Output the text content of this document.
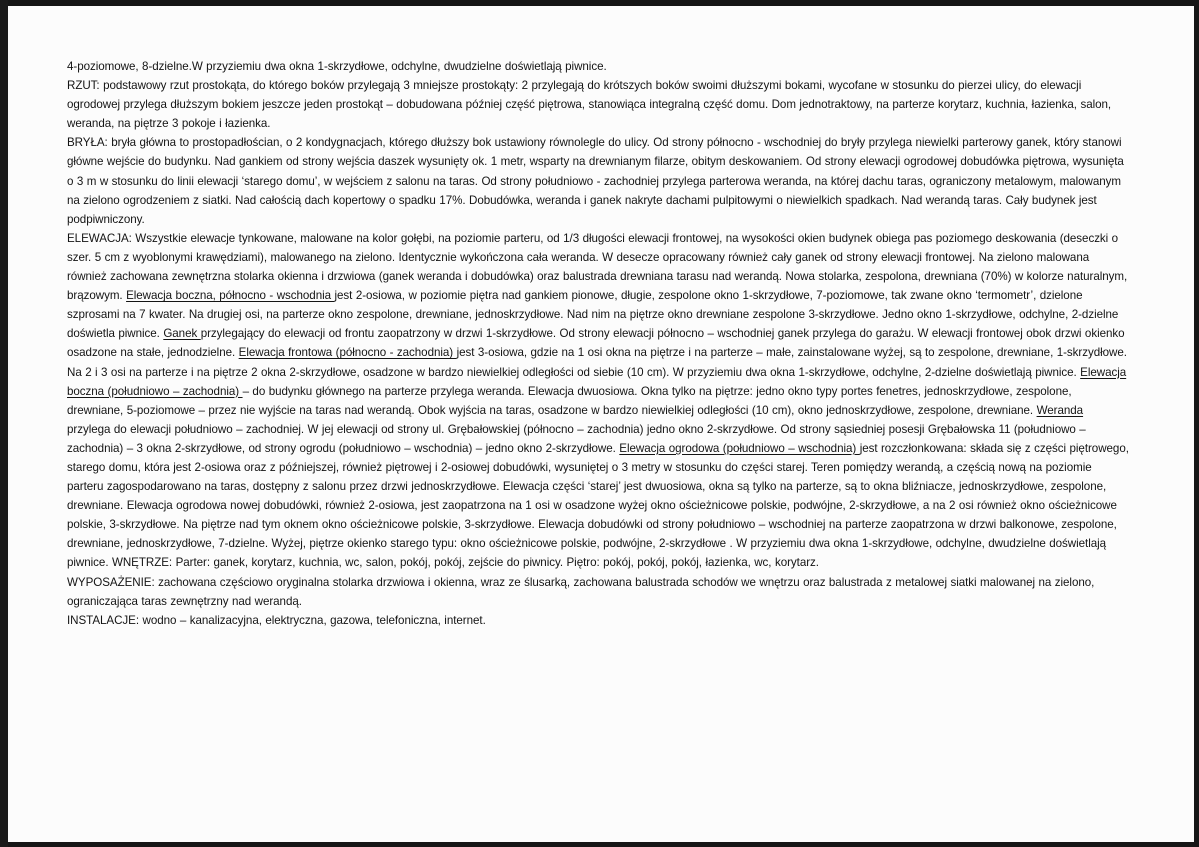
4-poziomowe, 8-dzielne.W przyziemiu dwa okna 1-skrzydłowe, odchylne, dwudzielne doświetlają piwnice.

RZUT: podstawowy rzut prostokąta, do którego boków przylegają 3 mniejsze prostokąty: 2 przylegają do krótszych boków swoimi dłuższymi bokami, wycofane w stosunku do pierzei ulicy, do elewacji ogrodowej przylega dłuższym bokiem jeszcze jeden prostokąt – dobudowana później część piętrowa, stanowiąca integralną część domu. Dom jednotraktowy, na parterze korytarz, kuchnia, łazienka, salon, weranda, na piętrze 3 pokoje i łazienka.

BRYŁA: bryła główna to prostopadłościan, o 2 kondygnacjach, którego dłuższy bok ustawiony równolegle do ulicy. Od strony północno - wschodniej do bryły przylega niewielki parterowy ganek, który stanowi główne wejście do budynku. Nad gankiem od strony wejścia daszek wysunięty ok. 1 metr, wsparty na drewnianym filarze, obitym deskowaniem. Od strony elewacji ogrodowej dobudówka piętrowa, wysunięta o 3 m w stosunku do linii elewacji ‘starego domu’, w wejściem z salonu na taras. Od strony południowo - zachodniej przylega parterowa weranda, na której dachu taras, ograniczony metalowym, malowanym na zielono ogrodzeniem z siatki. Nad całością dach kopertowy o spadku 17%. Dobudówka, weranda i ganek nakryte dachami pulpitowymi o niewielkich spadkach. Nad werandą taras. Cały budynek jest podpiwniczony.

ELEWACJA: Wszystkie elewacje tynkowane, malowane na kolor gołębi, na poziomie parteru, od 1/3 długości elewacji frontowej, na wysokości okien budynek obiega pas poziomego deskowania (deseczki o szer. 5 cm z wyoblonymi krawędziami), malowanego na zielono. Identycznie wykończona cała weranda. W desecze opracowany również cały ganek od strony elewacji frontowej. Na zielono malowana również zachowana zewnętrzna stolarka okienna i drzwiowa (ganek weranda i dobudówka) oraz balustrada drewniana tarasu nad werandą. Nowa stolarka, zespolona, drewniana (70%) w kolorze naturalnym, brązowym. Elewacja boczna, północno - wschodnia jest 2-osiowa, w poziomie piętra nad gankiem pionowe, długie, zespolone okno 1-skrzydłowe, 7-poziomowe, tak zwane okno ‘termometr’, dzielone szprosami na 7 kwater. Na drugiej osi, na parterze okno zespolone, drewniane, jednoskrzydłowe. Nad nim na piętrze okno drewniane zespolone 3-skrzydłowe. Jedno okno 1-skrzydłowe, odchylne, 2-dzielne doświetla piwnice. Ganek przylegający do elewacji od frontu zaopatrzony w drzwi 1-skrzydłowe. Od strony elewacji północno – wschodniej ganek przylega do garażu. W elewacji frontowej obok drzwi okienko osadzone na stałe, jednodzielne. Elewacja frontowa (północno - zachodnia) jest 3-osiowa, gdzie na 1 osi okna na piętrze i na parterze – małe, zainstalowane wyżej, są to zespolone, drewniane, 1-skrzydłowe. Na 2 i 3 osi na parterze i na piętrze 2 okna 2-skrzydłowe, osadzone w bardzo niewielkiej odległości od siebie (10 cm). W przyziemiu dwa okna 1-skrzydłowe, odchylne, 2-dzielne doświetlają piwnice. Elewacja boczna (południowo – zachodnia) – do budynku głównego na parterze przylega weranda. Elewacja dwuosiowa. Okna tylko na piętrze: jedno okno typy portes fenetres, jednoskrzydłowe, zespolone, drewniane, 5-poziomowe – przez nie wyjście na taras nad werandą. Obok wyjścia na taras, osadzone w bardzo niewielkiej odległości (10 cm), okno jednoskrzydłowe, zespolone, drewniane. Weranda przylega do elewacji południowo – zachodniej. W jej elewacji od strony ul. Grębałowskiej (północno – zachodnia) jedno okno 2-skrzydłowe. Od strony sąsiedniej posesji Grębałowska 11 (południowo – zachodnia) – 3 okna 2-skrzydłowe, od strony ogrodu (południowo – wschodnia) – jedno okno 2-skrzydłowe. Elewacja ogrodowa (południowo – wschodnia) jest rozczłonkowana: składa się z części piętrowego, starego domu, która jest 2-osiowa oraz z późniejszej, również piętrowej i 2-osiowej dobudówki, wysuniętej o 3 metry w stosunku do części starej. Teren pomiędzy werandą, a częścią nową na poziomie parteru zagospodarowano na taras, dostępny z salonu przez drzwi jednoskrzydłowe. Elewacja części ‘starej’ jest dwuosiowa, okna są tylko na parterze, są to okna bliźniacze, jednoskrzydłowe, zespolone, drewniane. Elewacja ogrodowa nowej dobudówki, również 2-osiowa, jest zaopatrzona na 1 osi w osadzone wyżej okno ościeżnicowe polskie, podwójne, 2-skrzydłowe, a na 2 osi również okno ościeżnicowe polskie, 3-skrzydłowe. Na piętrze nad tym oknem okno ościeżnicowe polskie, 3-skrzydłowe. Elewacja dobudówki od strony południowo – wschodniej na parterze zaopatrzona w drzwi balkonowe, zespolone, drewniane, jednoskrzydłowe, 7-dzielne. Wyżej, piętrze okienko starego typu: okno ościeżnicowe polskie, podwójne, 2-skrzydłowe . W przyziemiu dwa okna 1-skrzydłowe, odchylne, dwudzielne doświetlają piwnice. WNĘTRZE: Parter: ganek, korytarz, kuchnia, wc, salon, pokój, pokój, zejście do piwnicy. Piętro: pokój, pokój, pokój, łazienka, wc, korytarz.

WYPOSAŻENIE: zachowana częściowo oryginalna stolarka drzwiowa i okienna, wraz ze ślusarką, zachowana balustrada schodów we wnętrzu oraz balustrada z metalowej siatki malowanej na zielono, ograniczająca taras zewnętrzny nad werandą.

INSTALACJE: wodno – kanalizacyjna, elektryczna, gazowa, telefoniczna, internet.
